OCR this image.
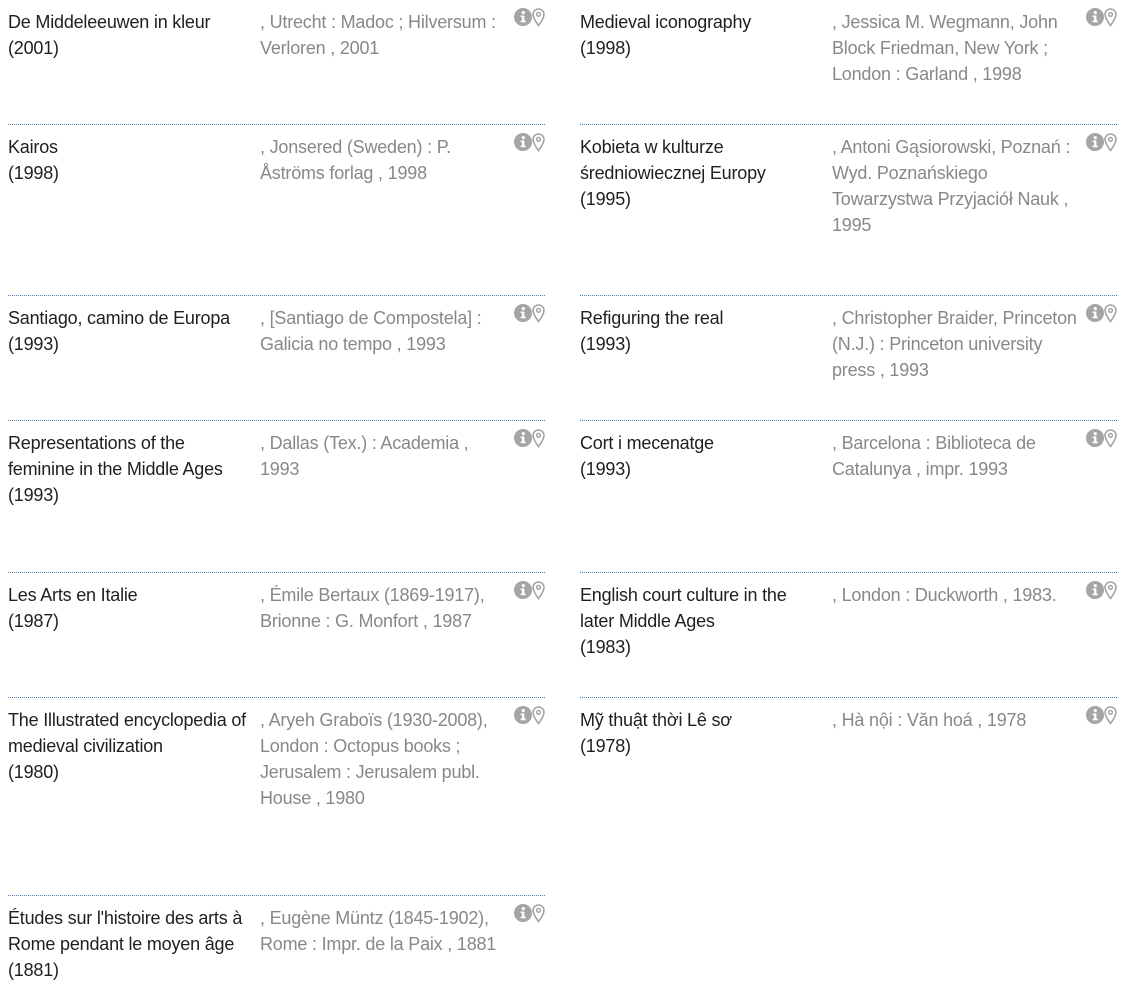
De Middeleeuwen in kleur
(2001)
, Utrecht : Madoc ; Hilversum : Verloren , 2001
Kairos
(1998)
, Jonsered (Sweden) : P. Åströms forlag , 1998
Santiago, camino de Europa
(1993)
, [Santiago de Compostela] : Galicia no tempo , 1993
Representations of the feminine in the Middle Ages
(1993)
, Dallas (Tex.) : Academia , 1993
Les Arts en Italie
(1987)
, Émile Bertaux (1869-1917), Brionne : G. Monfort , 1987
The Illustrated encyclopedia of medieval civilization
(1980)
, Aryeh Graboïs (1930-2008), London : Octopus books ; Jerusalem : Jerusalem publ. House , 1980
Études sur l'histoire des arts à Rome pendant le moyen âge
(1881)
, Eugène Müntz (1845-1902), Rome : Impr. de la Paix , 1881
Medieval iconography
(1998)
, Jessica M. Wegmann, John Block Friedman, New York ; London : Garland , 1998
Kobieta w kulturze średniowiecznej Europy
(1995)
, Antoni Gąsiorowski, Poznań : Wyd. Poznańskiego Towarzystwa Przyjaciół Nauk , 1995
Refiguring the real
(1993)
, Christopher Braider, Princeton (N.J.) : Princeton university press , 1993
Cort i mecenatge
(1993)
, Barcelona : Biblioteca de Catalunya , impr. 1993
English court culture in the later Middle Ages
(1983)
, London : Duckworth , 1983.
Mỹ thuật thời Lê sơ
(1978)
, Hà nội : Văn hoá , 1978
